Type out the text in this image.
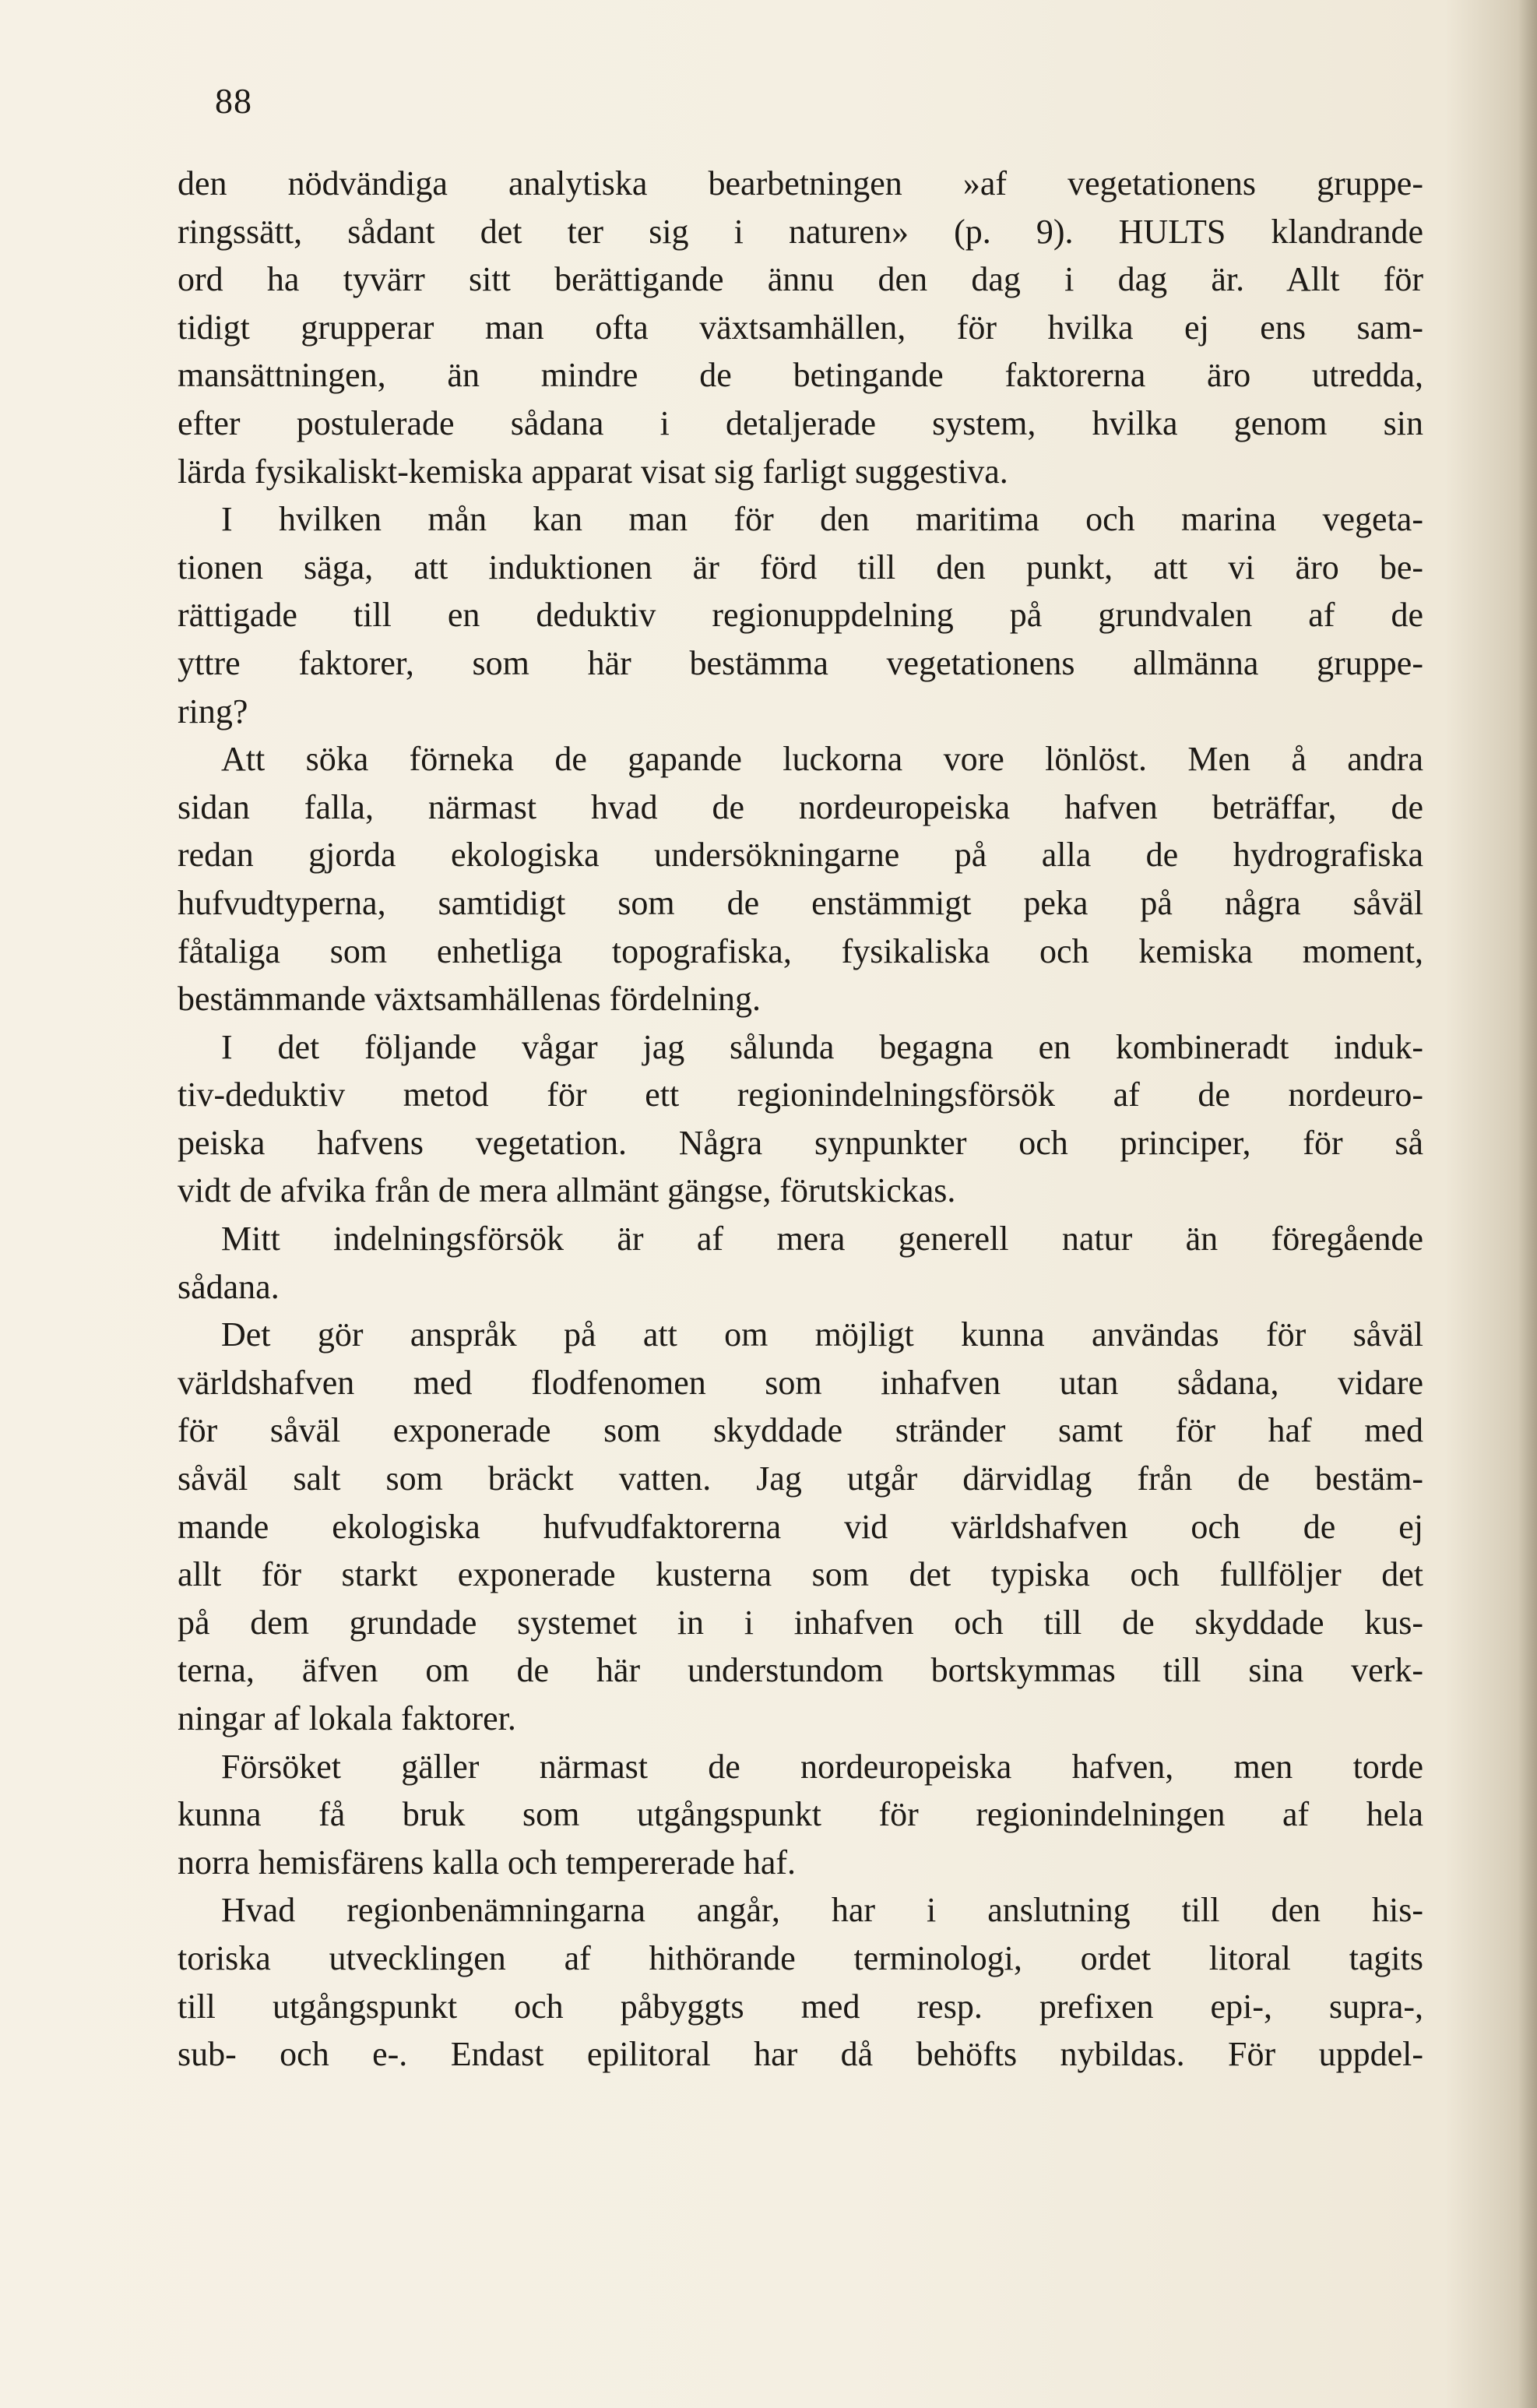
88
den nödvändiga analytiska bearbetningen »af vegetationens gruppe-
ringssätt, sådant det ter sig i naturen» (p. 9). HULTS klandrande
ord ha tyvärr sitt berättigande ännu den dag i dag är. Allt för
tidigt grupperar man ofta växtsamhällen, för hvilka ej ens sam-
mansättningen, än mindre de betingande faktorerna äro utredda,
efter postulerade sådana i detaljerade system, hvilka genom sin
lärda fysikaliskt-kemiska apparat visat sig farligt suggestiva.
I hvilken mån kan man för den maritima och marina vegeta-
tionen säga, att induktionen är förd till den punkt, att vi äro be-
rättigade till en deduktiv regionuppdelning på grundvalen af de
yttre faktorer, som här bestämma vegetationens allmänna gruppe-
ring?
Att söka förneka de gapande luckorna vore lönlöst. Men å andra
sidan falla, närmast hvad de nordeuropeiska hafven beträffar, de
redan gjorda ekologiska undersökningarne på alla de hydrografiska
hufvudtyperna, samtidigt som de enstämmigt peka på några såväl
fåtaliga som enhetliga topografiska, fysikaliska och kemiska moment,
bestämmande växtsamhällenas fördelning.
I det följande vågar jag sålunda begagna en kombineradt induk-
tiv-deduktiv metod för ett regionindelningsförsök af de nordeuro-
peiska hafvens vegetation. Några synpunkter och principer, för så
vidt de afvika från de mera allmänt gängse, förutskickas.
Mitt indelningsförsök är af mera generell natur än föregående
sådana.
Det gör anspråk på att om möjligt kunna användas för såväl
världshafven med flodfenomen som inhafven utan sådana, vidare
för såväl exponerade som skyddade stränder samt för haf med
såväl salt som bräckt vatten. Jag utgår därvidlag från de bestäm-
mande ekologiska hufvudfaktorerna vid världshafven och de ej
allt för starkt exponerade kusterna som det typiska och fullföljer det
på dem grundade systemet in i inhafven och till de skyddade kus-
terna, äfven om de här understundom bortskymmas till sina verk-
ningar af lokala faktorer.
Försöket gäller närmast de nordeuropeiska hafven, men torde
kunna få bruk som utgångspunkt för regionindelningen af hela
norra hemisfärens kalla och tempererade haf.
Hvad regionbenämningarna angår, har i anslutning till den his-
toriska utvecklingen af hithörande terminologi, ordet litoral tagits
till utgångspunkt och påbyggts med resp. prefixen epi-, supra-,
sub- och e-. Endast epilitoral har då behöfts nybildas. För uppdel-
